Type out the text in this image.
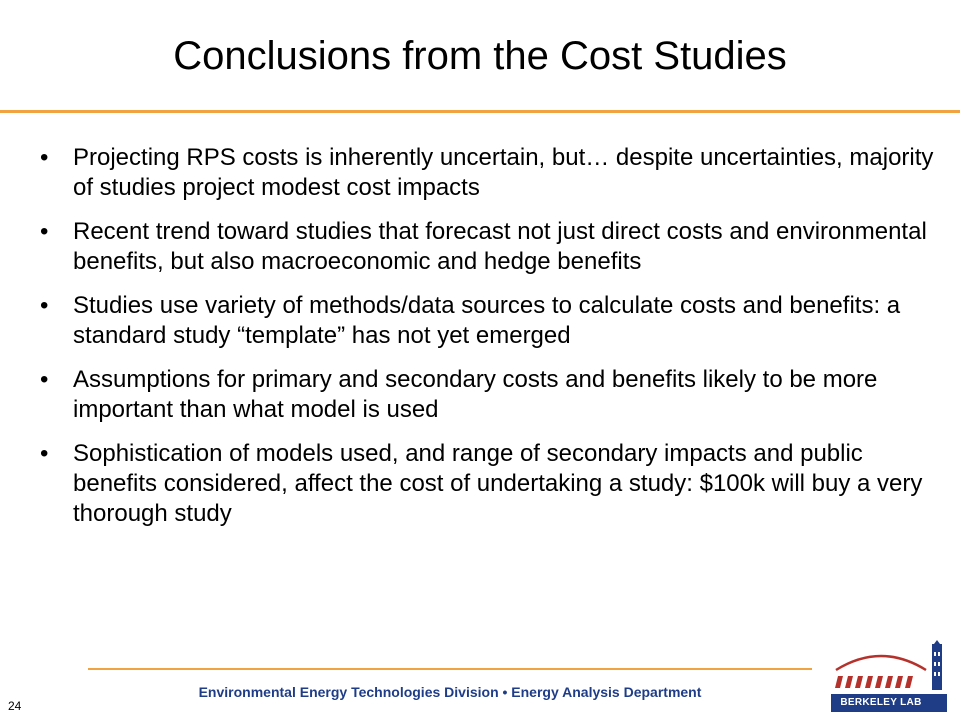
Conclusions from the Cost Studies
• Projecting RPS costs is inherently uncertain, but… despite uncertainties, majority of studies project modest cost impacts
• Recent trend toward studies that forecast not just direct costs and environmental benefits, but also macroeconomic and hedge benefits
• Studies use variety of methods/data sources to calculate costs and benefits: a standard study “template” has not yet emerged
• Assumptions for primary and secondary costs and benefits likely to be more important than what model is used
• Sophistication of models used, and range of secondary impacts and public benefits considered, affect the cost of undertaking a study: $100k will buy a very thorough study
Environmental Energy Technologies Division • Energy Analysis Department
24	BERKELEY LAB
